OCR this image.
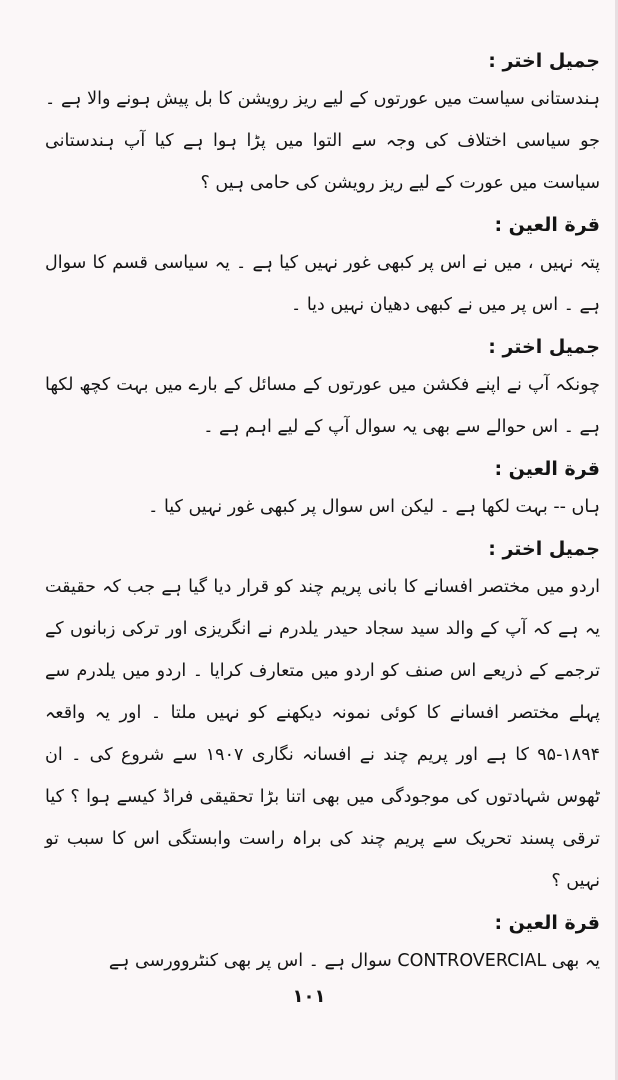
جمیل اختر :

ہندستانی سیاست میں عورتوں کے لیے ریز رویشن کا بل پیش ہونے والا ہے ۔ جو سیاسی اختلاف کی وجہ سے التوا میں پڑا ہوا ہے کیا آپ ہندستانی سیاست میں عورت کے لیے ریز رویشن کی حامی ہیں ؟

قرة العین :

پتہ نہیں ، میں نے اس پر کبھی غور نہیں کیا ہے ۔ یہ سیاسی قسم کا سوال ہے ۔ اس پر میں نے کبھی دھیان نہیں دیا ۔

جمیل اختر :

چونکہ آپ نے اپنے فکشن میں عورتوں کے مسائل کے بارے میں بہت کچھ لکھا ہے ۔ اس حوالے سے بھی یہ سوال آپ کے لیے اہم ہے ۔

قرة العین :

ہاں -- بہت لکھا ہے ۔ لیکن اس سوال پر کبھی غور نہیں کیا ۔

جمیل اختر :

اردو میں مختصر افسانے کا بانی پریم چند کو قرار دیا گیا ہے جب کہ حقیقت یہ ہے کہ آپ کے والد سید سجاد حیدر یلدرم نے انگریزی اور ترکی زبانوں کے ترجمے کے ذریعے اس صنف کو اردو میں متعارف کرایا ۔ اردو میں یلدرم سے پہلے مختصر افسانے کا کوئی نمونہ دیکھنے کو نہیں ملتا ۔ اور یہ واقعہ ۱۸۹۴-۹۵ کا ہے اور پریم چند نے افسانہ نگاری ۱۹۰۷ سے شروع کی ۔ ان ٹھوس شہادتوں کی موجودگی میں بھی اتنا بڑا تحقیقی فراڈ کیسے ہوا ؟ کیا ترقی پسند تحریک سے پریم چند کی براہ راست وابستگی اس کا سبب تو نہیں ؟

قرة العین :

یہ بھی CONTROVERCIAL سوال ہے ۔ اس پر بھی کنٹروورسی ہے

۱۰۱
